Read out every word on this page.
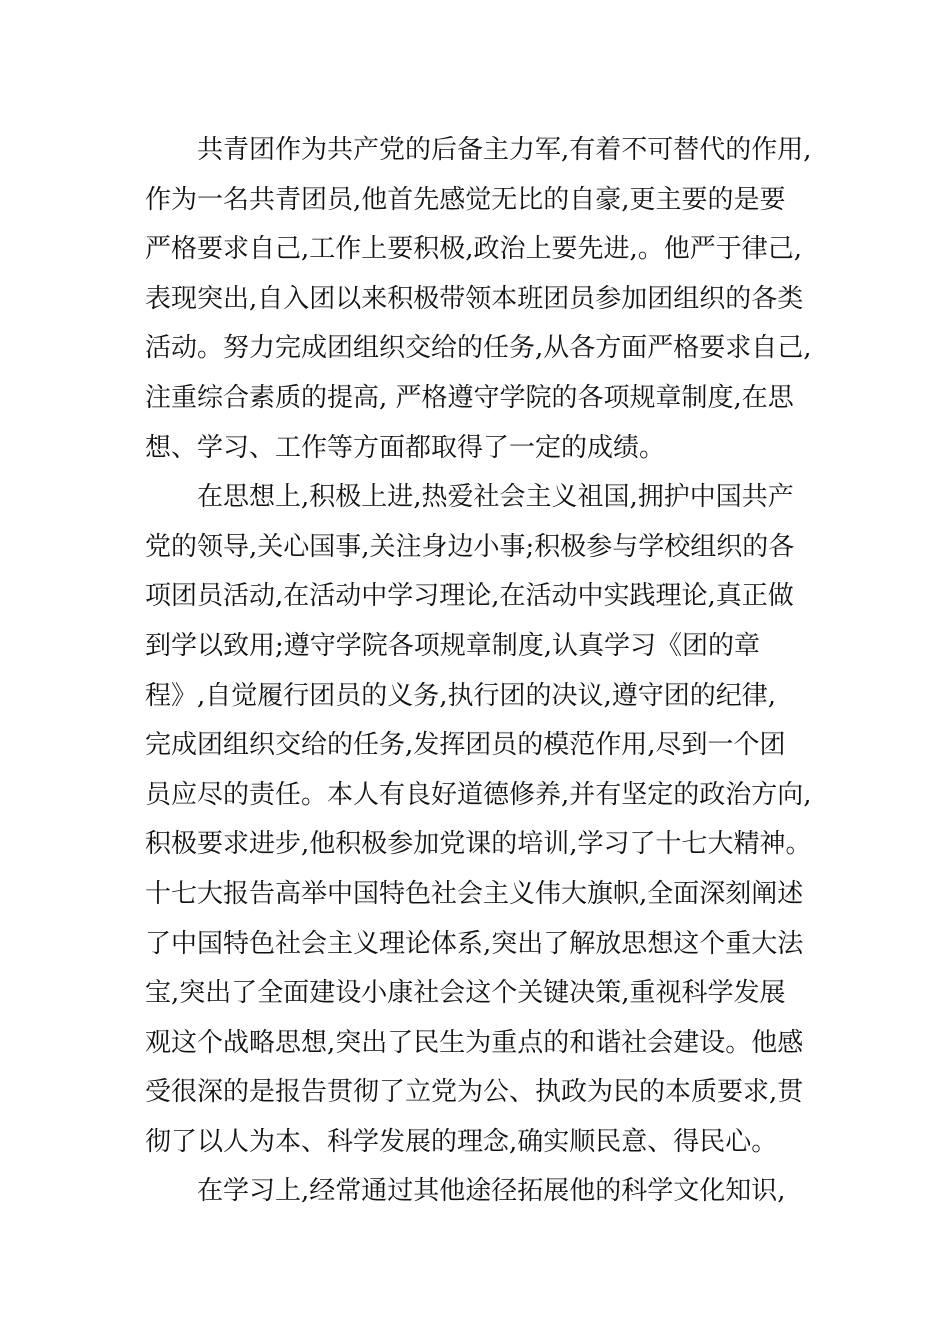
共青团作为共产党的后备主力军,有着不可替代的作用,
作为一名共青团员,他首先感觉无比的自豪,更主要的是要
严格要求自己,工作上要积极,政治上要先进,。他严于律己,
表现突出,自入团以来积极带领本班团员参加团组织的各类
活动。努力完成团组织交给的任务,从各方面严格要求自己,
注重综合素质的提高, 严格遵守学院的各项规章制度,在思
想、学习、工作等方面都取得了一定的成绩。
在思想上,积极上进,热爱社会主义祖国,拥护中国共产
党的领导,关心国事,关注身边小事;积极参与学校组织的各
项团员活动,在活动中学习理论,在活动中实践理论,真正做
到学以致用;遵守学院各项规章制度,认真学习《团的章
程》,自觉履行团员的义务,执行团的决议,遵守团的纪律,
完成团组织交给的任务,发挥团员的模范作用,尽到一个团
员应尽的责任。本人有良好道德修养,并有坚定的政治方向,
积极要求进步,他积极参加党课的培训,学习了十七大精神。
十七大报告高举中国特色社会主义伟大旗帜,全面深刻阐述
了中国特色社会主义理论体系,突出了解放思想这个重大法
宝,突出了全面建设小康社会这个关键决策,重视科学发展
观这个战略思想,突出了民生为重点的和谐社会建设。他感
受很深的是报告贯彻了立党为公、执政为民的本质要求,贯
彻了以人为本、科学发展的理念,确实顺民意、得民心。
在学习上,经常通过其他途径拓展他的科学文化知识,
